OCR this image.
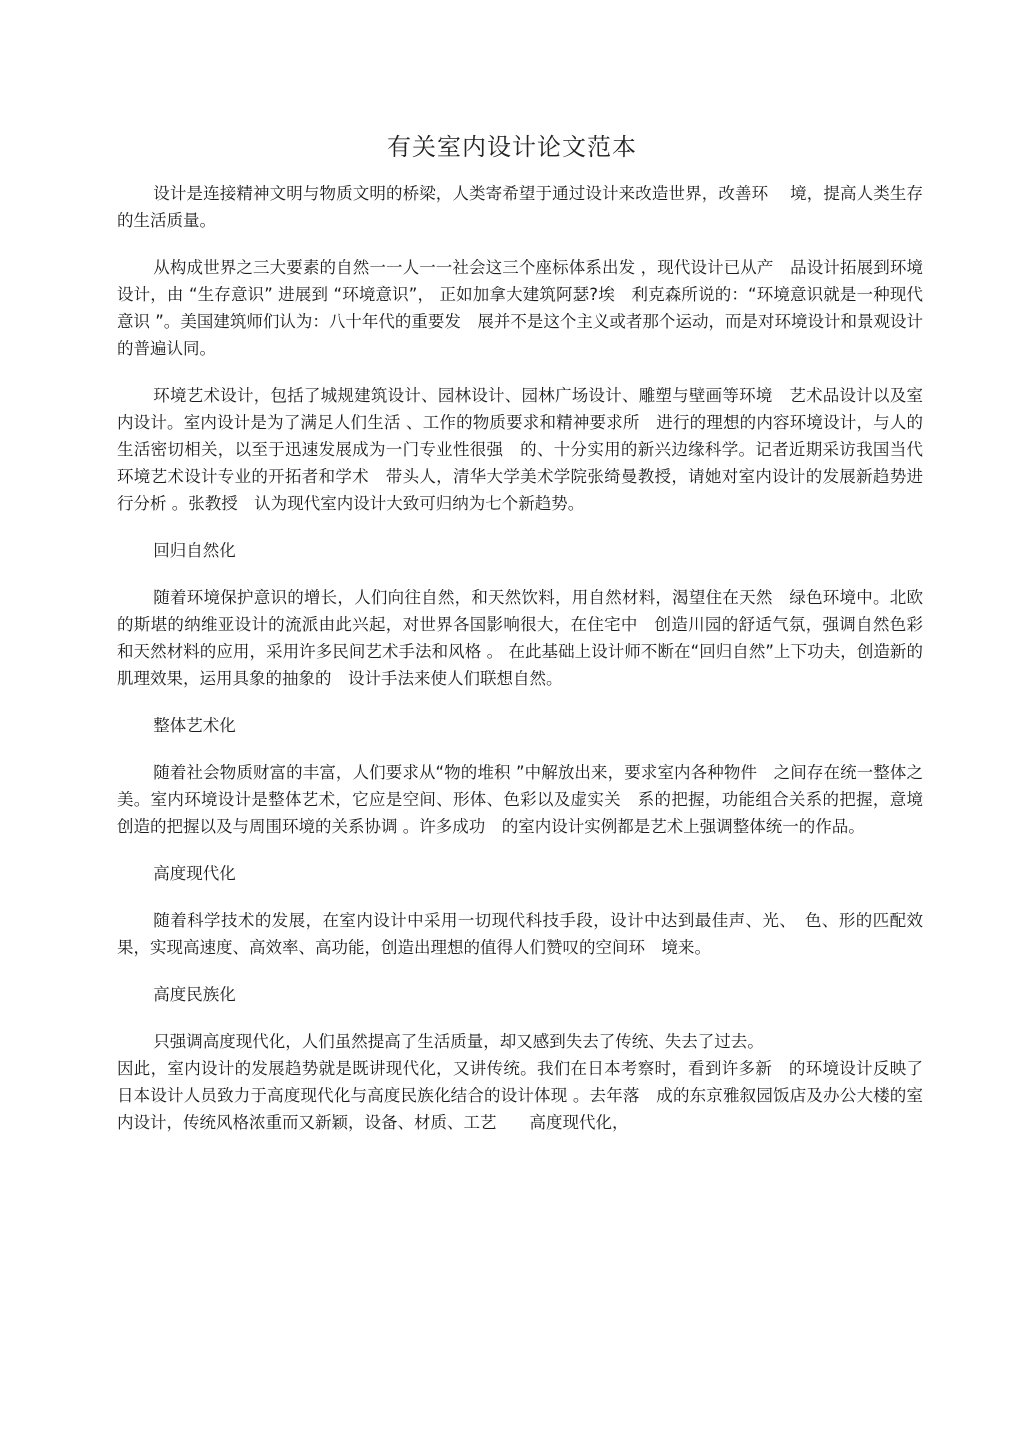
有关室内设计论文范本

设计是连接精神文明与物质文明的桥梁，人类寄希望于通过设计来改造世界，改善环　 境，提高人类生存的生活质量。

从构成世界之三大要素的自然一一人一一社会这三个座标体系出发 ，现代设计已从产　品设计拓展到环境设计，由 “生存意识” 进展到 “环境意识”， 正如加拿大建筑阿瑟?埃　利克森所说的：“环境意识就是一种现代意识 ”。美国建筑师们认为：八十年代的重要发　展并不是这个主义或者那个运动，而是对环境设计和景观设计的普遍认同。

环境艺术设计，包括了城规建筑设计、园林设计、园林广场设计、雕塑与壁画等环境　艺术品设计以及室内设计。室内设计是为了满足人们生活 、工作的物质要求和精神要求所　进行的理想的内容环境设计，与人的生活密切相关，以至于迅速发展成为一门专业性很强　的、十分实用的新兴边缘科学。记者近期采访我国当代环境艺术设计专业的开拓者和学术　带头人，清华大学美术学院张绮曼教授，请她对室内设计的发展新趋势进行分析 。张教授　认为现代室内设计大致可归纳为七个新趋势。

回归自然化

随着环境保护意识的增长，人们向往自然，和天然饮料，用自然材料，渴望住在天然　绿色环境中。北欧的斯堪的纳维亚设计的流派由此兴起，对世界各国影响很大，在住宅中　创造川园的舒适气氛，强调自然色彩和天然材料的应用，采用许多民间艺术手法和风格 。 在此基础上设计师不断在“回归自然”上下功夫，创造新的肌理效果，运用具象的抽象的　设计手法来使人们联想自然。

整体艺术化

随着社会物质财富的丰富，人们要求从“物的堆积 ”中解放出来，要求室内各种物件　之间存在统一整体之美。室内环境设计是整体艺术，它应是空间、形体、色彩以及虚实关　系的把握，功能组合关系的把握，意境创造的把握以及与周围环境的关系协调 。许多成功　的室内设计实例都是艺术上强调整体统一的作品。

高度现代化

随着科学技术的发展，在室内设计中采用一切现代科技手段，设计中达到最佳声、光、　色、形的匹配效果，实现高速度、高效率、高功能，创造出理想的值得人们赞叹的空间环　境来。

高度民族化

只强调高度现代化，人们虽然提高了生活质量，却又感到失去了传统、失去了过去。

因此，室内设计的发展趋势就是既讲现代化，又讲传统。我们在日本考察时，看到许多新　的环境设计反映了日本设计人员致力于高度现代化与高度民族化结合的设计体现 。去年落　成的东京雅叙园饭店及办公大楼的室内设计，传统风格浓重而又新颖，设备、材质、工艺　　高度现代化，
